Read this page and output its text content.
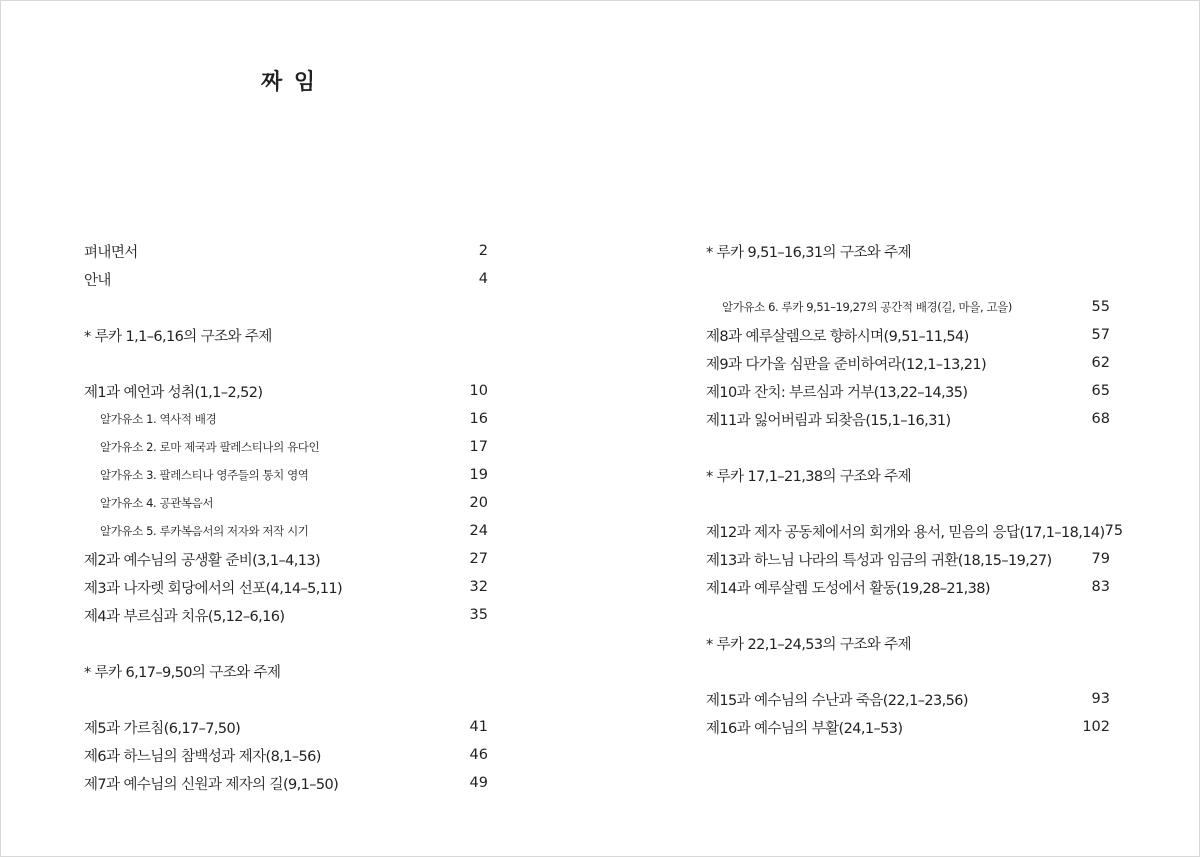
짜 임
펴내면서	2
안내	4
* 루카 1,1–6,16의 구조와 주제
제1과 예언과 성취(1,1–2,52)	10
알가유소 1. 역사적 배경	16
알가유소 2. 로마 제국과 팔레스티나의 유다인	17
알가유소 3. 팔레스티나 영주들의 통치 영역	19
알가유소 4. 공관복음서	20
알가유소 5. 루카복음서의 저자와 저작 시기	24
제2과 예수님의 공생활 준비(3,1–4,13)	27
제3과 나자렛 회당에서의 선포(4,14–5,11)	32
제4과 부르심과 치유(5,12–6,16)	35
* 루카 6,17–9,50의 구조와 주제
제5과 가르침(6,17–7,50)	41
제6과 하느님의 참백성과 제자(8,1–56)	46
제7과 예수님의 신원과 제자의 길(9,1–50)	49
* 루카 9,51–16,31의 구조와 주제
알가유소 6. 루카 9,51–19,27의 공간적 배경(길, 마을, 고을)	55
제8과 예루살렘으로 향하시며(9,51–11,54)	57
제9과 다가올 심판을 준비하여라(12,1–13,21)	62
제10과 잔치: 부르심과 거부(13,22–14,35)	65
제11과 잃어버림과 되찾음(15,1–16,31)	68
* 루카 17,1–21,38의 구조와 주제
제12과 제자 공동체에서의 회개와 용서, 믿음의 응답(17,1–18,14) 75
제13과 하느님 나라의 특성과 임금의 귀환(18,15–19,27)	79
제14과 예루살렘 도성에서 활동(19,28–21,38)	83
* 루카 22,1–24,53의 구조와 주제
제15과 예수님의 수난과 죽음(22,1–23,56)	93
제16과 예수님의 부활(24,1–53)	102
